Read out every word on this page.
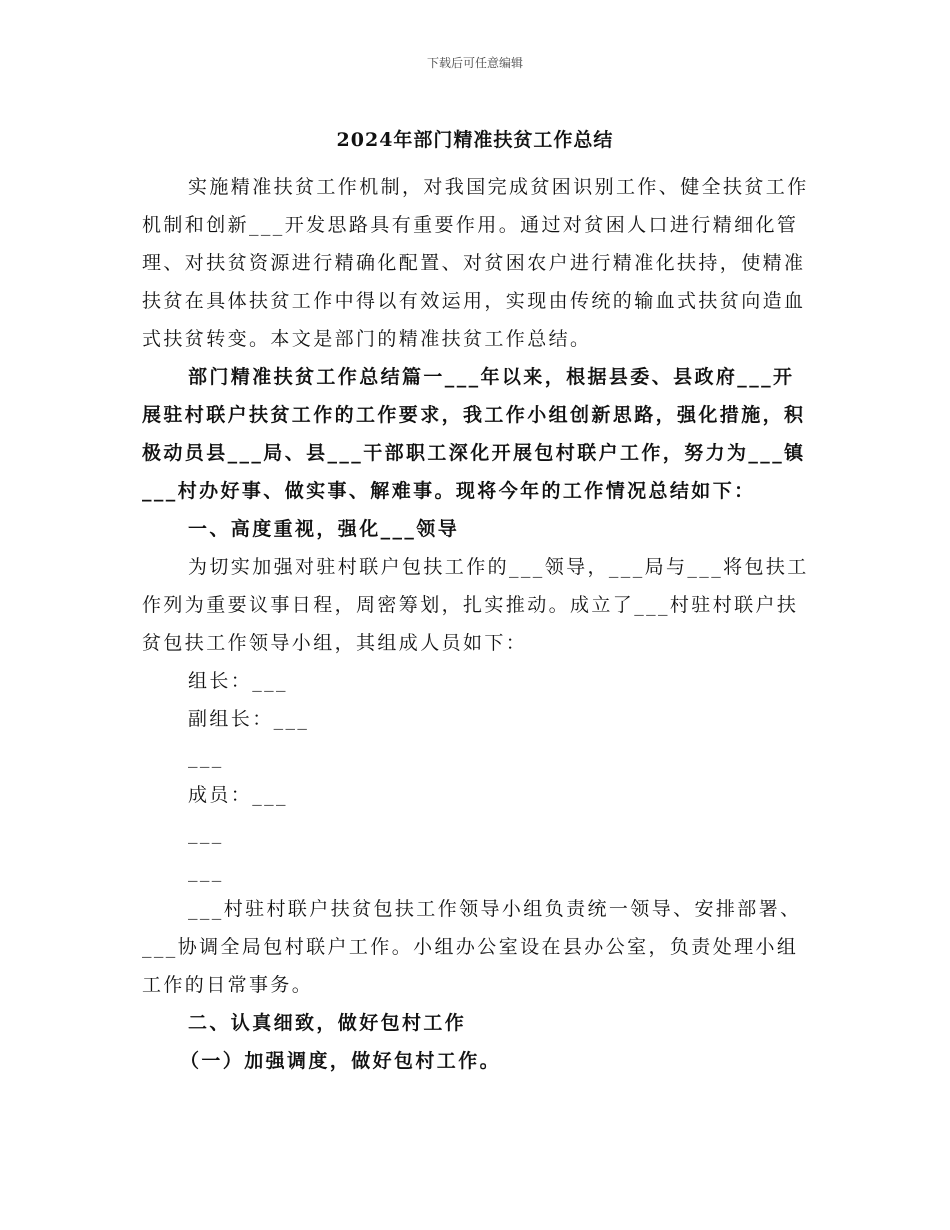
下载后可任意编辑
2024年部门精准扶贫工作总结

实施精准扶贫工作机制，对我国完成贫困识别工作、健全扶贫工作机制和创新___开发思路具有重要作用。通过对贫困人口进行精细化管理、对扶贫资源进行精确化配置、对贫困农户进行精准化扶持，使精准扶贫在具体扶贫工作中得以有效运用，实现由传统的输血式扶贫向造血式扶贫转变。本文是部门的精准扶贫工作总结。

部门精准扶贫工作总结篇一___年以来，根据县委、县政府___开展驻村联户扶贫工作的工作要求，我工作小组创新思路，强化措施，积极动员县___局、县___干部职工深化开展包村联户工作，努力为___镇___村办好事、做实事、解难事。现将今年的工作情况总结如下：

一、高度重视，强化___领导

为切实加强对驻村联户包扶工作的___领导，___局与___将包扶工作列为重要议事日程，周密筹划，扎实推动。成立了___村驻村联户扶贫包扶工作领导小组，其组成人员如下：

组长：___

副组长：___

___

成员：___

___

___

___村驻村联户扶贫包扶工作领导小组负责统一领导、安排部署、___协调全局包村联户工作。小组办公室设在县办公室，负责处理小组工作的日常事务。

二、认真细致，做好包村工作

（一）加强调度，做好包村工作。
